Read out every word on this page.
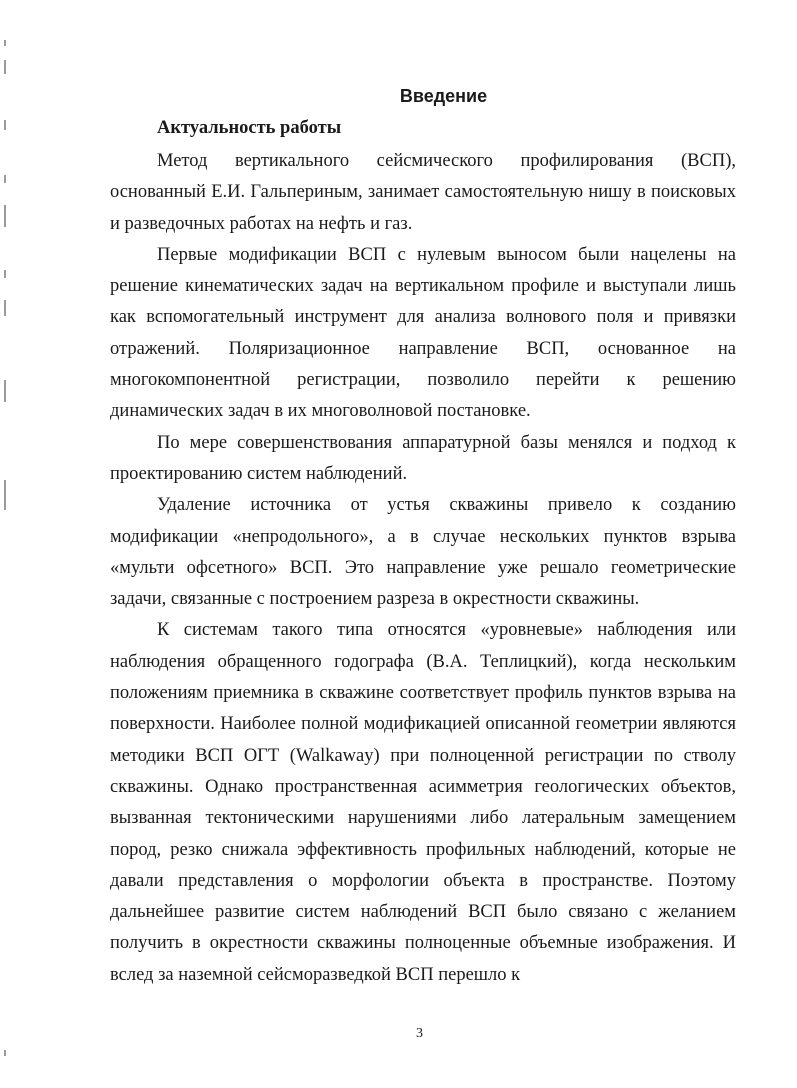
Введение
Актуальность работы

Метод вертикального сейсмического профилирования (ВСП), основанный Е.И. Гальпериным, занимает самостоятельную нишу в поисковых и разведочных работах на нефть и газ.

Первые модификации ВСП с нулевым выносом были нацелены на решение кинематических задач на вертикальном профиле и выступали лишь как вспомогательный инструмент для анализа волнового поля и привязки отражений. Поляризационное направление ВСП, основанное на многокомпонентной регистрации, позволило перейти к решению динамических задач в их многоволновой постановке.

По мере совершенствования аппаратурной базы менялся и подход к проектированию систем наблюдений.

Удаление источника от устья скважины привело к созданию модификации «непродольного», а в случае нескольких пунктов взрыва «мульти офсетного» ВСП. Это направление уже решало геометрические задачи, связанные с построением разреза в окрестности скважины.

К системам такого типа относятся «уровневые» наблюдения или наблюдения обращенного годографа (В.А. Теплицкий), когда нескольким положениям приемника в скважине соответствует профиль пунктов взрыва на поверхности. Наиболее полной модификацией описанной геометрии являются методики ВСП ОГТ (Walkaway) при полноценной регистрации по стволу скважины. Однако пространственная асимметрия геологических объектов, вызванная тектоническими нарушениями либо латеральным замещением пород, резко снижала эффективность профильных наблюдений, которые не давали представления о морфологии объекта в пространстве. Поэтому дальнейшее развитие систем наблюдений ВСП было связано с желанием получить в окрестности скважины полноценные объемные изображения. И вслед за наземной сейсморазведкой ВСП перешло к

3
